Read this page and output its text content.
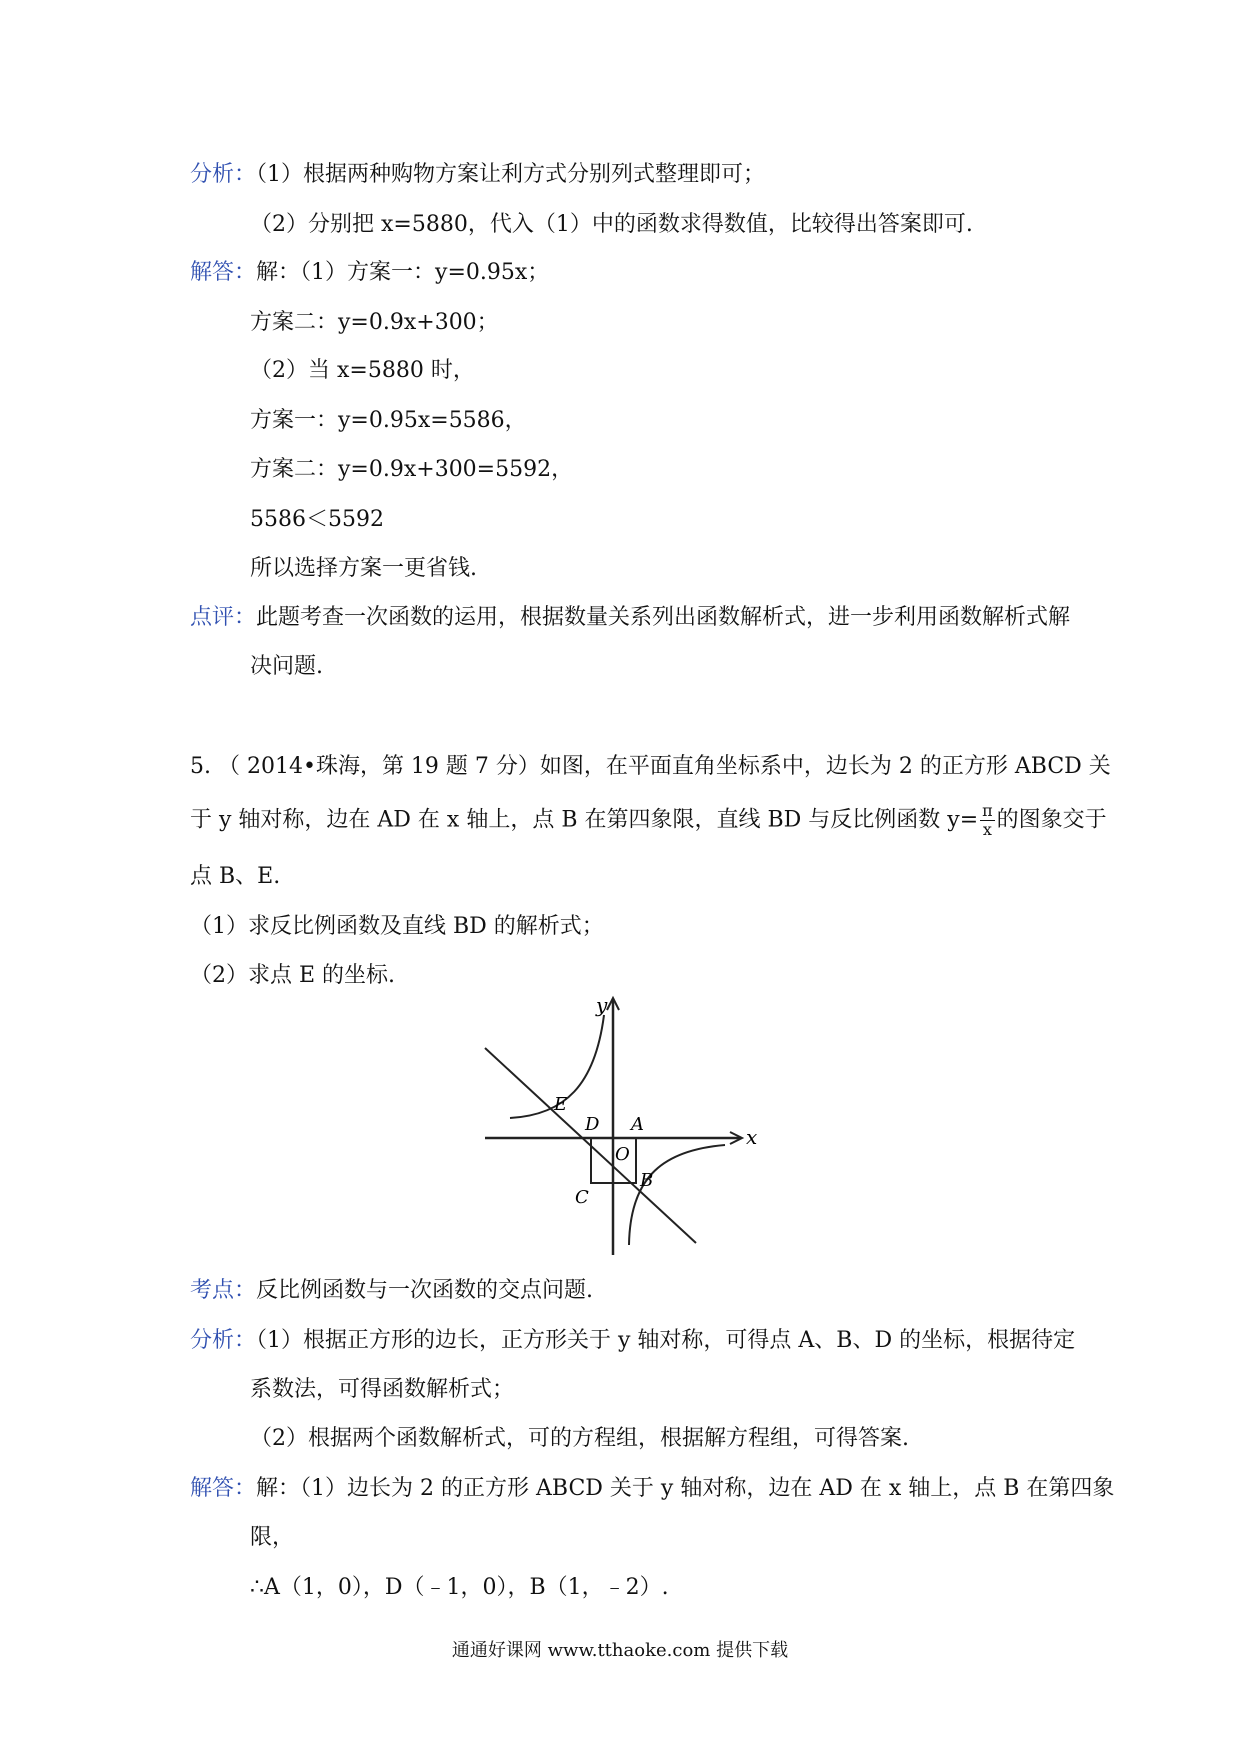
分析：（1）根据两种购物方案让利方式分别列式整理即可；
（2）分别把 x=5880，代入（1）中的函数求得数值，比较得出答案即可.
解答：解：（1）方案一：y=0.95x；
方案二：y=0.9x+300；
（2）当 x=5880 时，
方案一：y=0.95x=5586，
方案二：y=0.9x+300=5592，
5586＜5592
所以选择方案一更省钱.
点评：此题考查一次函数的运用，根据数量关系列出函数解析式，进一步利用函数解析式解
决问题.
5. （ 2014•珠海，第 19 题 7 分）如图，在平面直角坐标系中，边长为 2 的正方形 ABCD 关
于 y 轴对称，边在 AD 在 x 轴上，点 B 在第四象限，直线 BD 与反比例函数 $y= \frac{\pi}{x}$ 的图象交于
点 B、E.
（1）求反比例函数及直线 BD 的解析式；
（2）求点 E 的坐标.
y
x
E
D A
O
C
B
考点：反比例函数与一次函数的交点问题.
分析：（1）根据正方形的边长，正方形关于 y 轴对称，可得点 A、B、D 的坐标，根据待定
系数法，可得函数解析式；
（2）根据两个函数解析式，可的方程组，根据解方程组，可得答案.
解答：解：（1）边长为 2 的正方形 ABCD 关于 y 轴对称，边在 AD 在 x 轴上，点 B 在第四象
限，
∴A（1，0），D（﹣1，0），B（1，﹣2）.
通通好课网 www.tthaoke.com 提供下载
